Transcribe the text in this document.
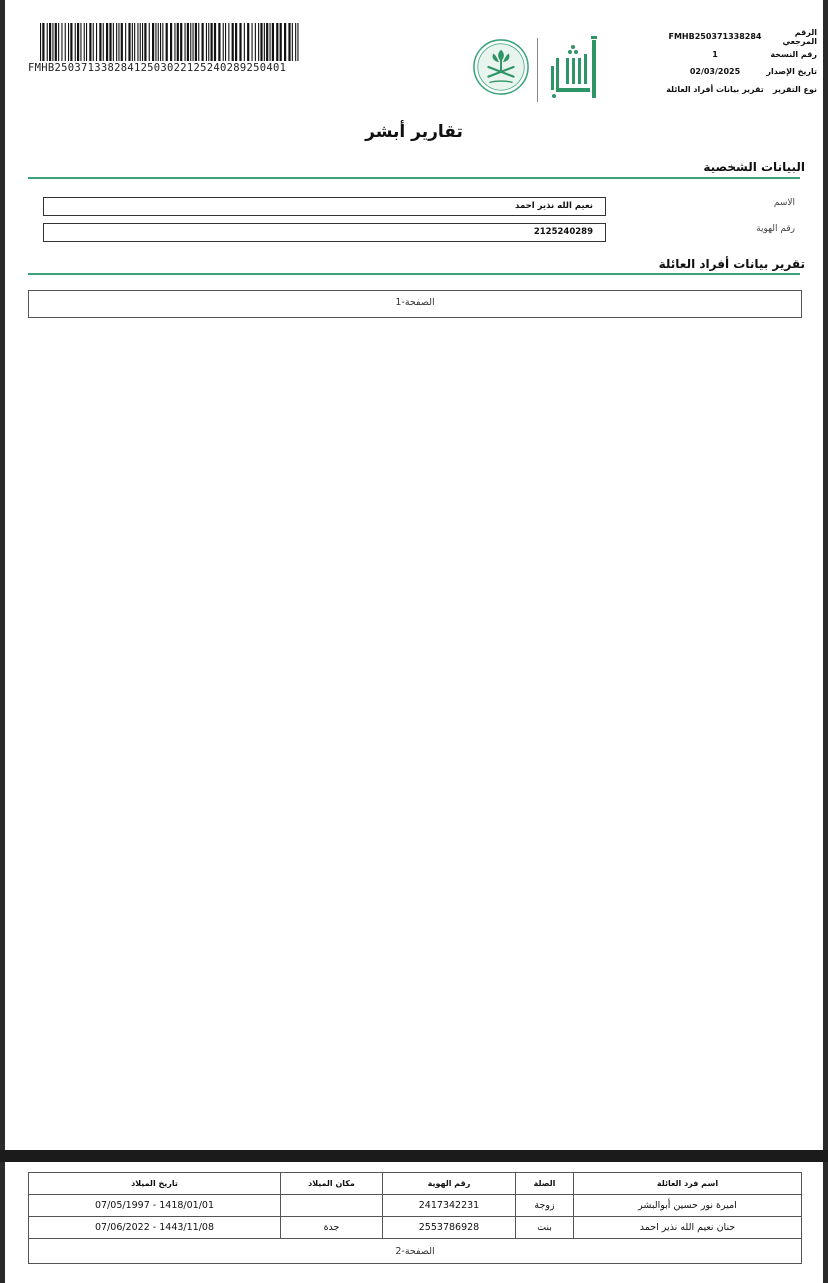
FMHB25037133828412503022125240289250401
الرقم المرجعي
FMHB250371338284
رقم النسخة
1
تاريخ الإصدار
02/03/2025
نوع التقرير
تقرير بيانات أفراد العائلة
تقارير أبشر
البيانات الشخصية
الاسم
نعيم الله نذير احمد
رقم الهوية
2125240289
تقرير بيانات أفراد العائلة
الصفحة-1
اسم فرد العائلة	الصلة	رقم الهوية	مكان الميلاد	تاريخ الميلاد
اميرة نور حسين أبوالبشر	زوجة	2417342231		1418/01/01 - 07/05/1997
حنان نعيم الله نذير احمد	بنت	2553786928	جدة	1443/11/08 - 07/06/2022
الصفحة-2				
